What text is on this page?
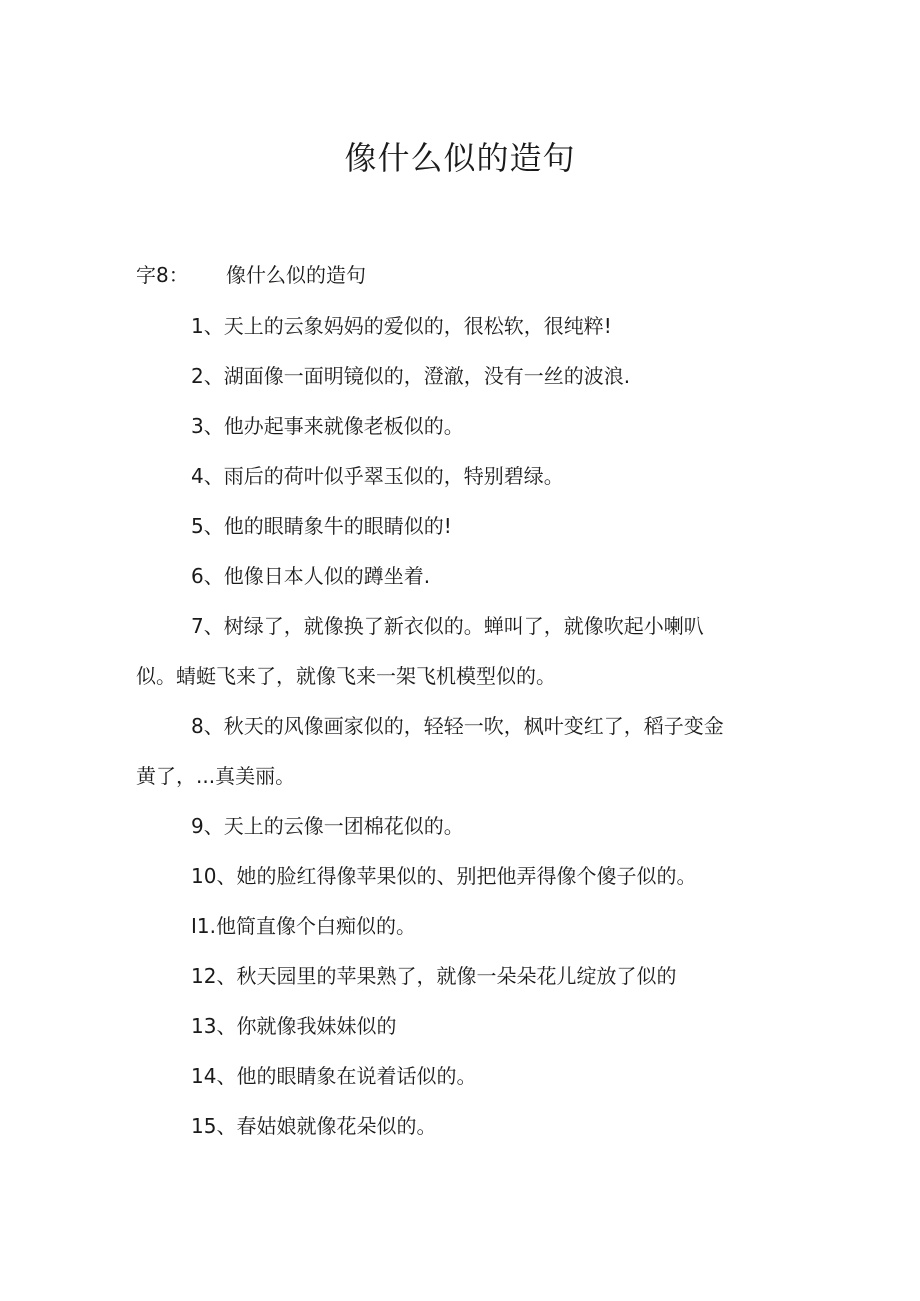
像什么似的造句
字8： 像什么似的造句
1、天上的云象妈妈的爱似的，很松软，很纯粹!
2、湖面像一面明镜似的，澄澈，没有一丝的波浪.
3、他办起事来就像老板似的。
4、雨后的荷叶似乎翠玉似的，特别碧绿。
5、他的眼睛象牛的眼睛似的!
6、他像日本人似的蹲坐着.
7、树绿了，就像换了新衣似的。蝉叫了，就像吹起小喇叭
似。蜻蜓飞来了，就像飞来一架飞机模型似的。
8、秋天的风像画家似的，轻轻一吹，枫叶变红了，稻子变金
黄了，...真美丽。
9、天上的云像一团棉花似的。
10、她的脸红得像苹果似的、别把他弄得像个傻子似的。
I1.他简直像个白痴似的。
12、秋天园里的苹果熟了，就像一朵朵花儿绽放了似的
13、你就像我妹妹似的
14、他的眼睛象在说着话似的。
15、春姑娘就像花朵似的。
